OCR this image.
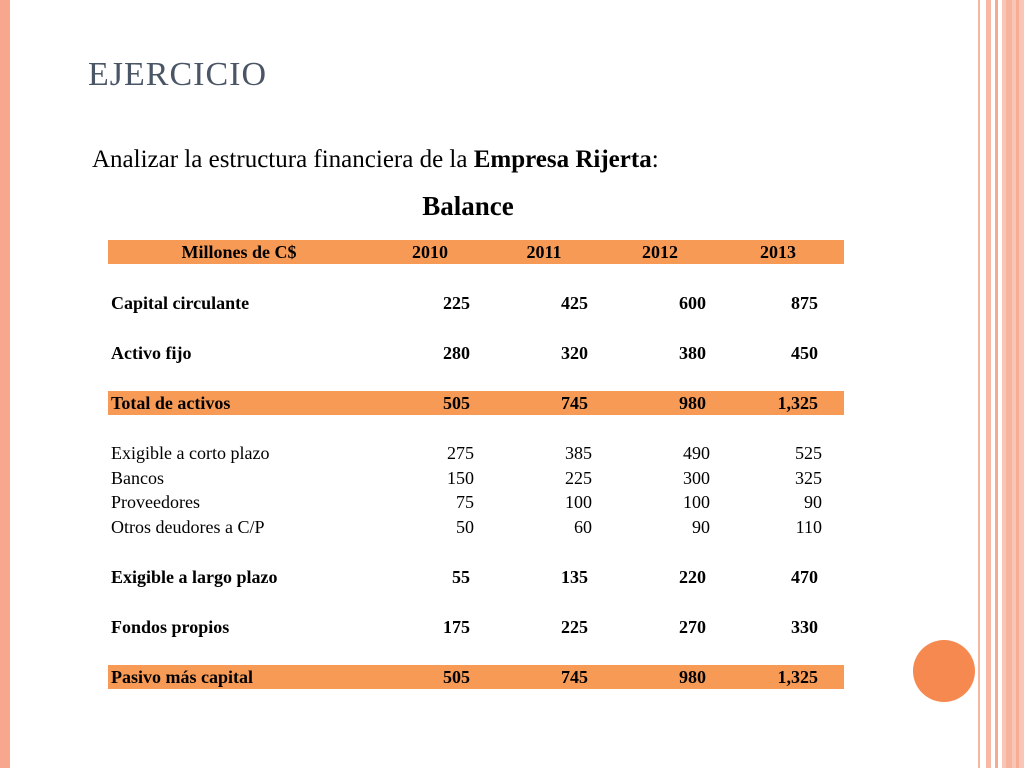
EJERCICIO
Analizar la estructura financiera de la Empresa Rijerta:
Balance
Millones de C$	2010	2011	2012	2013
Capital circulante	225	425	600	875
Activo fijo	280	320	380	450
Total de activos	505	745	980	1,325
Exigible a corto plazo	275	385	490	525
Bancos	150	225	300	325
Proveedores	75	100	100	90
Otros deudores a C/P	50	60	90	110
Exigible a largo plazo	55	135	220	470
Fondos propios	175	225	270	330
Pasivo más capital	505	745	980	1,325
